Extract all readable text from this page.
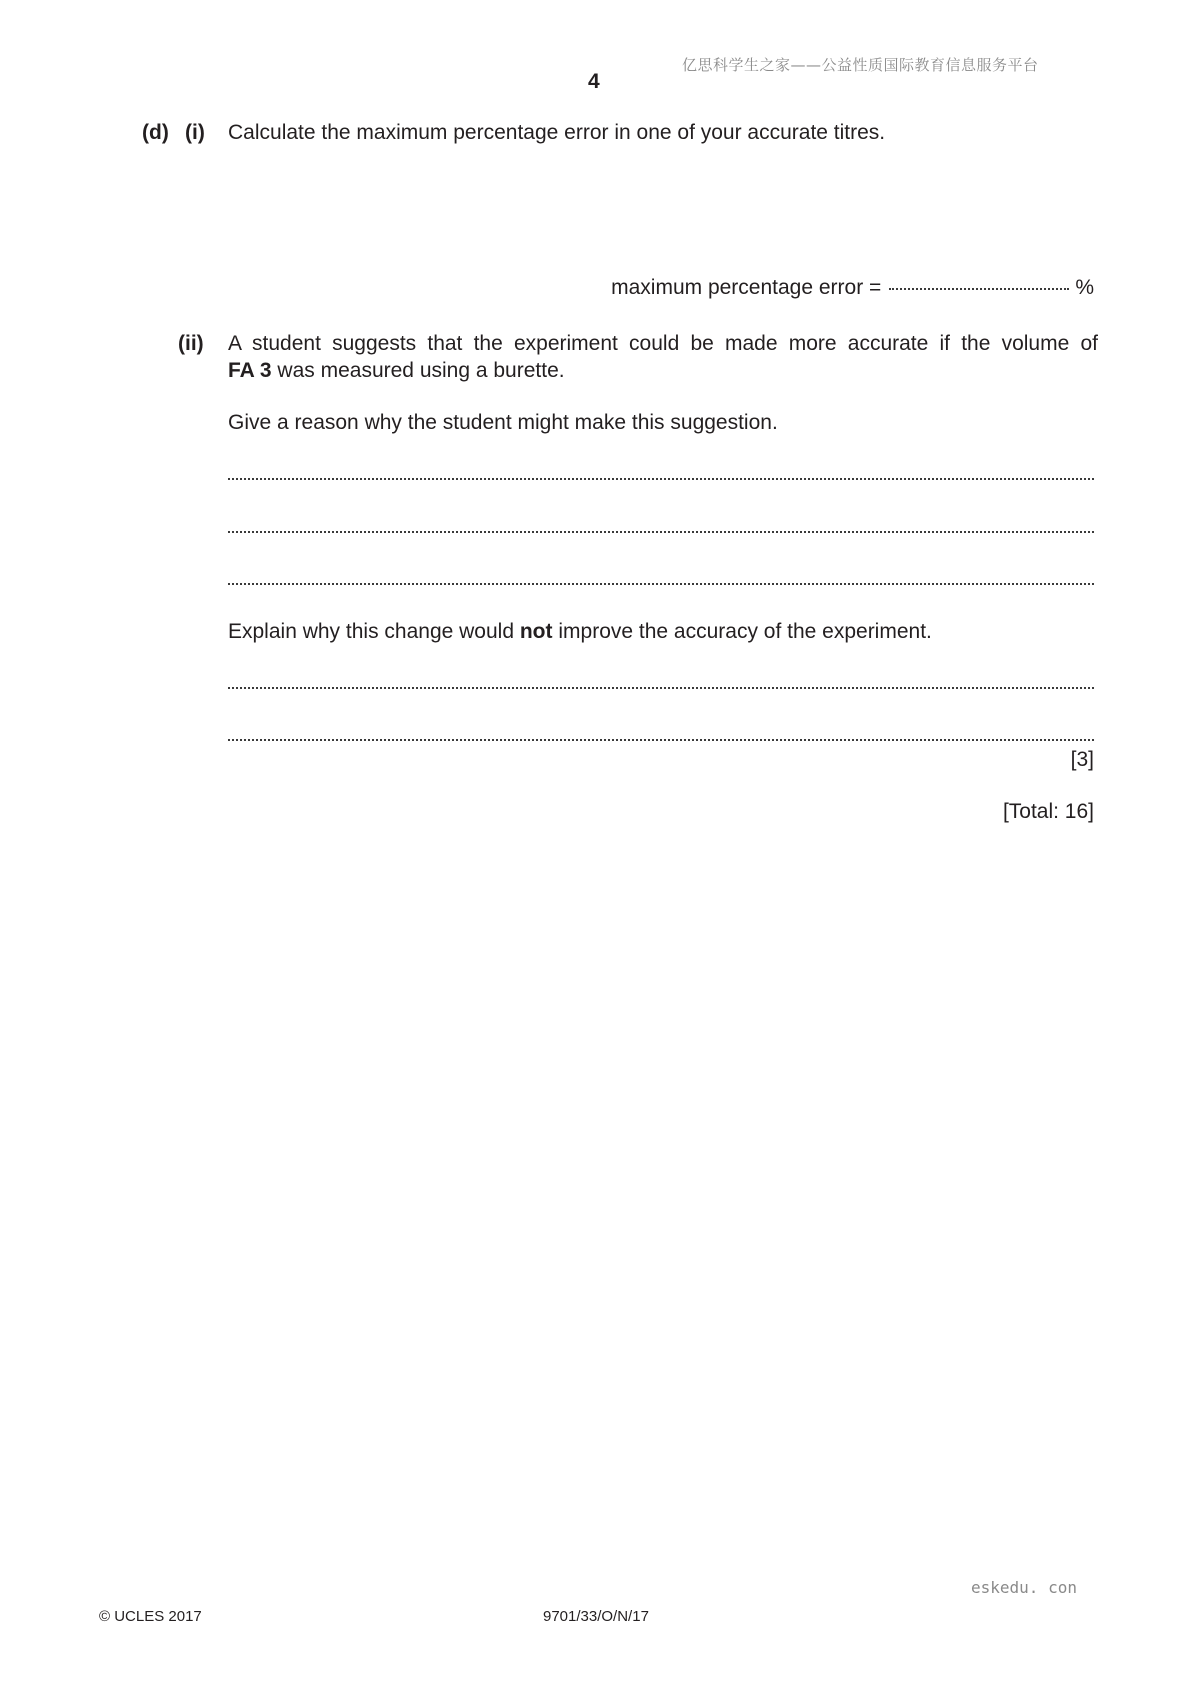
亿思科学生之家——公益性质国际教育信息服务平台
4
(d) (i) Calculate the maximum percentage error in one of your accurate titres.
maximum percentage error =	%
(ii) A student suggests that the experiment could be made more accurate if the volume of
FA 3 was measured using a burette.
Give a reason why the student might make this suggestion.
Explain why this change would not improve the accuracy of the experiment.
[3]
[Total: 16]
eskedu. con
© UCLES 2017	9701/33/O/N/17
